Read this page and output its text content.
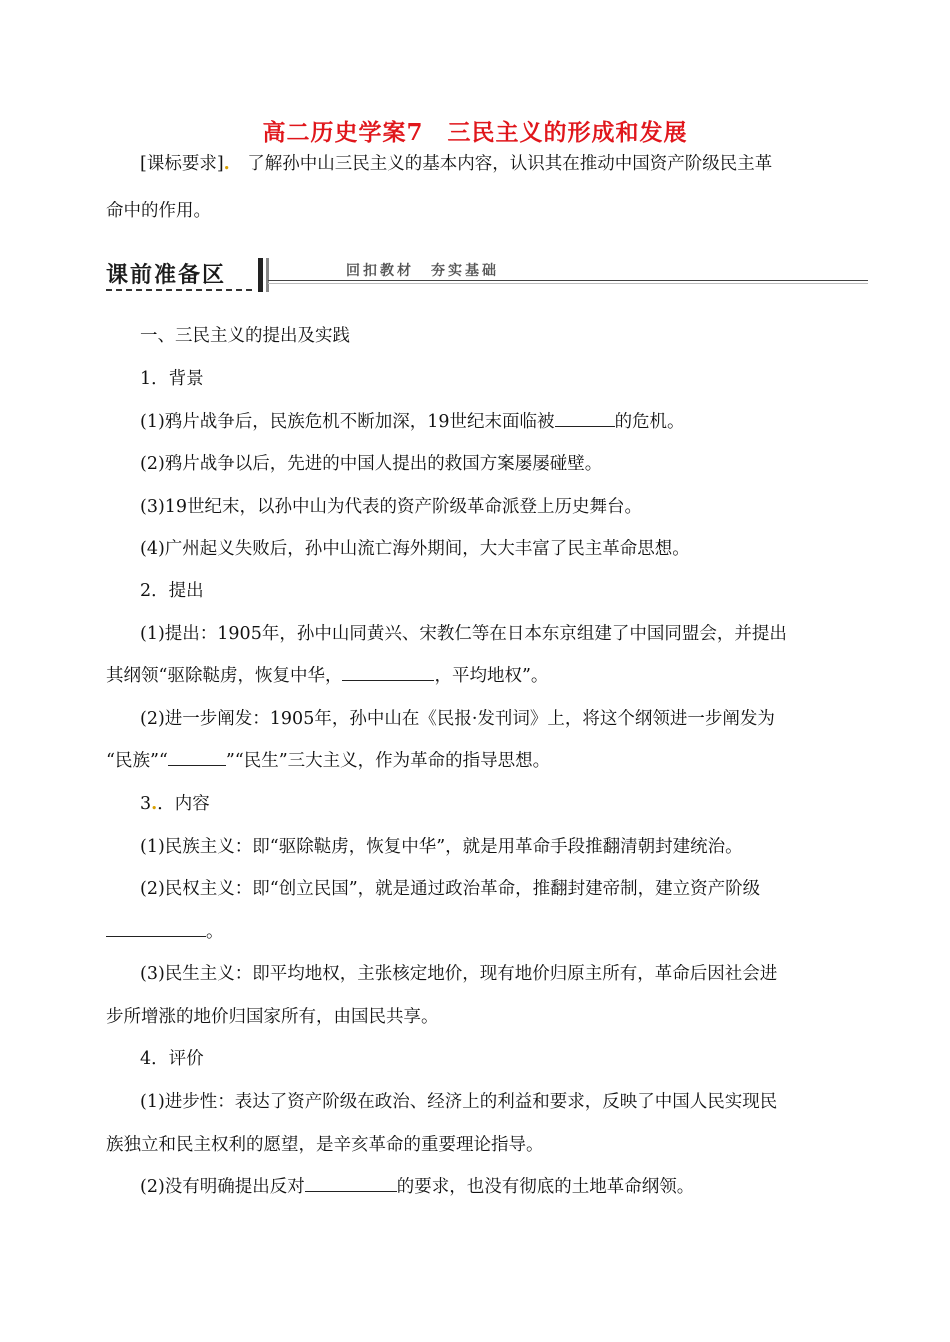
高二历史学案7　三民主义的形成和发展
[课标要求].　 了解孙中山三民主义的基本内容，认识其在推动中国资产阶级民主革
命中的作用。
课前准备区	回扣教材　夯实基础
一、三民主义的提出及实践
1．背景
(1)鸦片战争后，民族危机不断加深，19世纪末面临被	的危机。
(2)鸦片战争以后，先进的中国人提出的救国方案屡屡碰壁。
(3)19世纪末，以孙中山为代表的资产阶级革命派登上历史舞台。
(4)广州起义失败后，孙中山流亡海外期间，大大丰富了民主革命思想。
2．提出
(1)提出：1905年，孙中山同黄兴、宋教仁等在日本东京组建了中国同盟会，并提出
其纲领“驱除鞑虏，恢复中华，	，平均地权”。
(2)进一步阐发：1905年，孙中山在《民报·发刊词》上，将这个纲领进一步阐发为
“民族”“	”“民生”三大主义，作为革命的指导思想。
3.．内容
(1)民族主义：即“驱除鞑虏，恢复中华”，就是用革命手段推翻清朝封建统治。
(2)民权主义：即“创立民国”，就是通过政治革命，推翻封建帝制，建立资产阶级
。
(3)民生主义：即平均地权，主张核定地价，现有地价归原主所有，革命后因社会进
步所增涨的地价归国家所有，由国民共享。
4．评价
(1)进步性：表达了资产阶级在政治、经济上的利益和要求，反映了中国人民实现民
族独立和民主权利的愿望，是辛亥革命的重要理论指导。
(2)没有明确提出反对	的要求，也没有彻底的土地革命纲领。
